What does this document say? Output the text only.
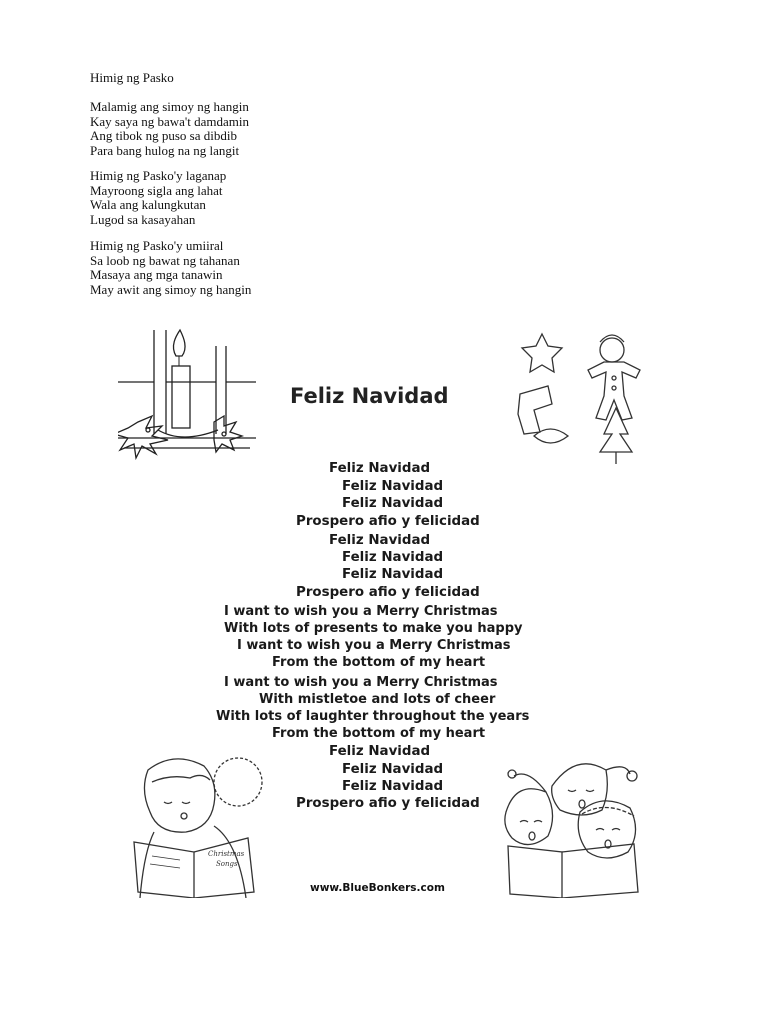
Himig ng Pasko
Malamig ang simoy ng hangin
Kay saya ng bawa't damdamin
Ang tibok ng puso sa dibdib
Para bang hulog na ng langit
Himig ng Pasko'y laganap
Mayroong sigla ang lahat
Wala ang kalungkutan
Lugod sa kasayahan
Himig ng Pasko'y umiiral
Sa loob ng bawat ng tahanan
Masaya ang mga tanawin
May awit ang simoy ng hangin
Feliz Navidad
Feliz Navidad
Feliz Navidad
Feliz Navidad
Prospero afio y felicidad
Feliz Navidad
Feliz Navidad
Feliz Navidad
Prospero afio y felicidad
I want to wish you a Merry Christmas
With lots of presents to make you happy
I want to wish you a Merry Christmas
From the bottom of my heart
I want to wish you a Merry Christmas
With mistletoe and lots of cheer
With lots of laughter throughout the years
From the bottom of my heart
Feliz Navidad
Feliz Navidad
Feliz Navidad
Prospero afio y felicidad
Christmas
Songs
www.BlueBonkers.com
